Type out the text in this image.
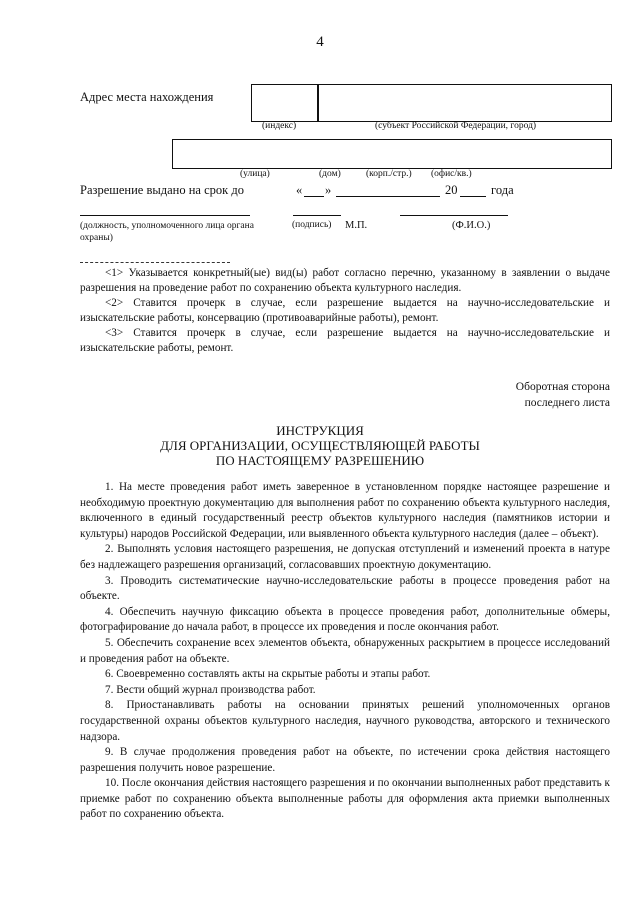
4
Адрес места нахождения
(индекс)	(субъект Российской Федерации, город)
(улица)	(дом)	(корп./стр.) (офис/кв.)
Разрешение выдано на срок до	« »	20	года
(должность, уполномоченного лица органа охраны)
(подпись) М.П.	(Ф.И.О.)

<1> Указывается конкретный(ые) вид(ы) работ согласно перечню, указанному в заявлении о выдаче разрешения на проведение работ по сохранению объекта культурного наследия.

<2> Ставится прочерк в случае, если разрешение выдается на научно-исследовательские и изыскательские работы, консервацию (противоаварийные работы), ремонт.

<3> Ставится прочерк в случае, если разрешение выдается на научно-исследовательские и изыскательские работы, ремонт.

Оборотная сторона
последнего листа
ИНСТРУКЦИЯ
ДЛЯ ОРГАНИЗАЦИИ, ОСУЩЕСТВЛЯЮЩЕЙ РАБОТЫ
ПО НАСТОЯЩЕМУ РАЗРЕШЕНИЮ

1. На месте проведения работ иметь заверенное в установленном порядке настоящее разрешение и необходимую проектную документацию для выполнения работ по сохранению объекта культурного наследия, включенного в единый государственный реестр объектов культурного наследия (памятников истории и культуры) народов Российской Федерации, или выявленного объекта культурного наследия (далее – объект).

2. Выполнять условия настоящего разрешения, не допуская отступлений и изменений проекта в натуре без надлежащего разрешения организаций, согласовавших проектную документацию.

3. Проводить систематические научно-исследовательские работы в процессе проведения работ на объекте.

4. Обеспечить научную фиксацию объекта в процессе проведения работ, дополнительные обмеры, фотографирование до начала работ, в процессе их проведения и после окончания работ.

5. Обеспечить сохранение всех элементов объекта, обнаруженных раскрытием в процессе исследований и проведения работ на объекте.

6. Своевременно составлять акты на скрытые работы и этапы работ.

7. Вести общий журнал производства работ.

8. Приостанавливать работы на основании принятых решений уполномоченных органов государственной охраны объектов культурного наследия, научного руководства, авторского и технического надзора.

9. В случае продолжения проведения работ на объекте, по истечении срока действия настоящего разрешения получить новое разрешение.

10. После окончания действия настоящего разрешения и по окончании выполненных работ представить к приемке работ по сохранению объекта выполненные работы для оформления акта приемки выполненных работ по сохранению объекта.
